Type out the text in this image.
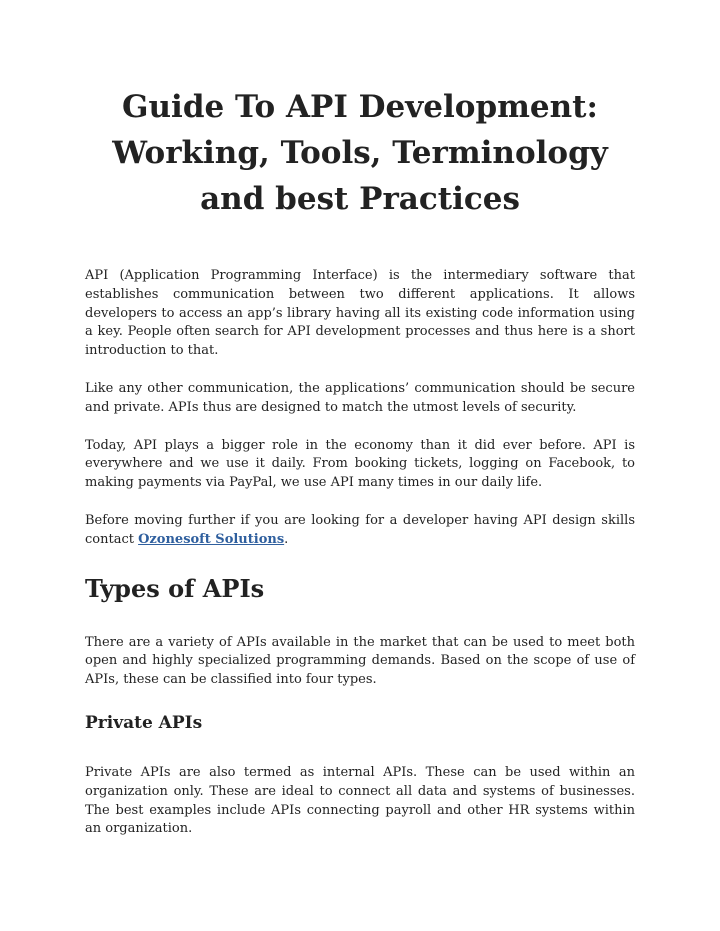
Guide To API Development: Working, Tools, Terminology and best Practices

API (Application Programming Interface) is the intermediary software that establishes communication between two different applications. It allows developers to access an app’s library having all its existing code information using a key. People often search for API development processes and thus here is a short introduction to that.

Like any other communication, the applications’ communication should be secure and private. APIs thus are designed to match the utmost levels of security.

Today, API plays a bigger role in the economy than it did ever before. API is everywhere and we use it daily. From booking tickets, logging on Facebook, to making payments via PayPal, we use API many times in our daily life.

Before moving further if you are looking for a developer having API design skills contact Ozonesoft Solutions.

Types of APIs

There are a variety of APIs available in the market that can be used to meet both open and highly specialized programming demands. Based on the scope of use of APIs, these can be classified into four types.

Private APIs

Private APIs are also termed as internal APIs. These can be used within an organization only. These are ideal to connect all data and systems of businesses. The best examples include APIs connecting payroll and other HR systems within an organization.
